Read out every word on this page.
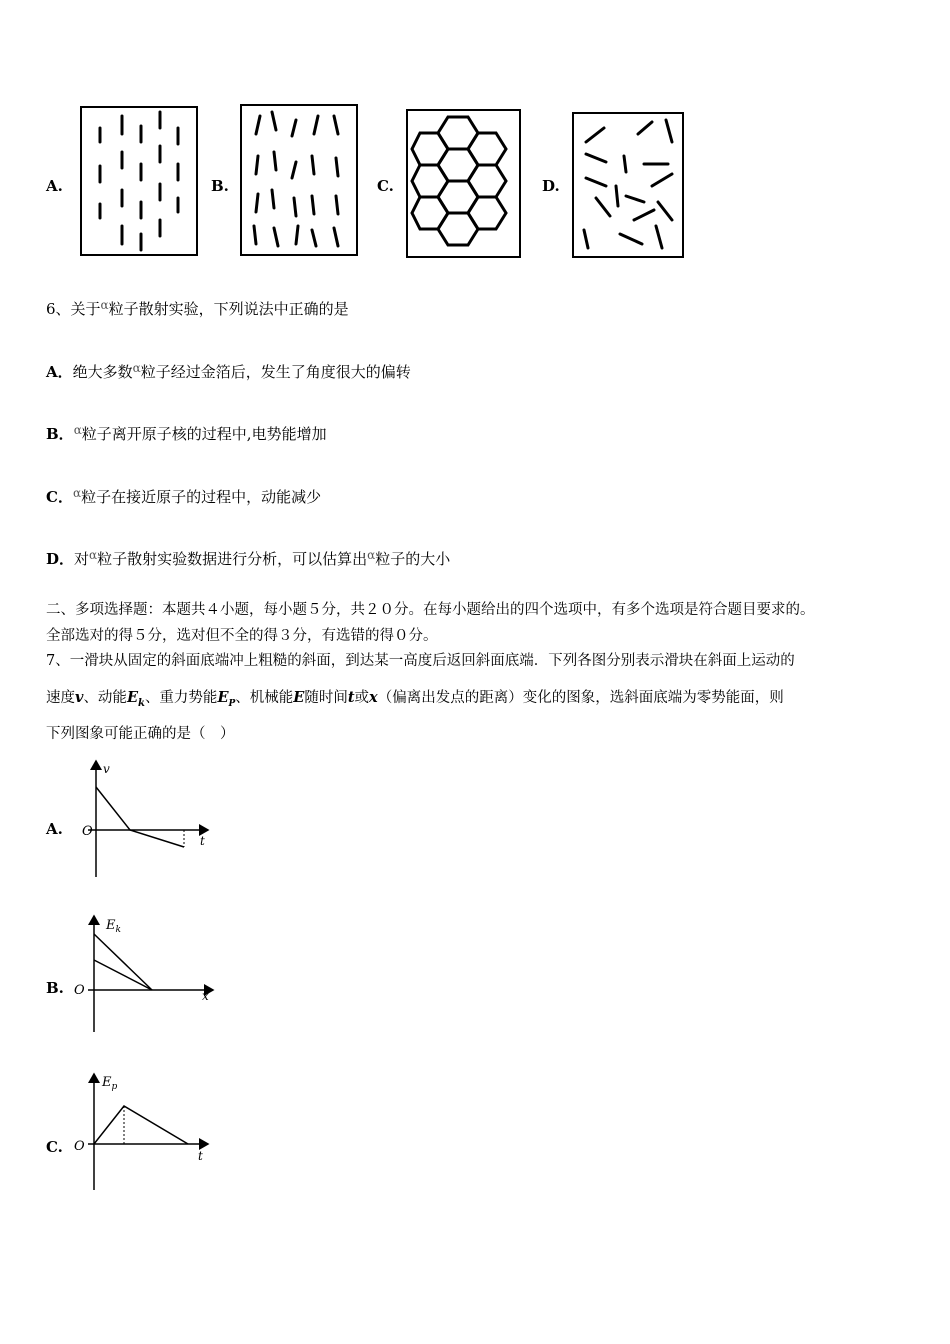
A.	B.	C.	D.
6、关于$^\alpha$粒子散射实验，下列说法中正确的是
A．绝大多数$^\alpha$粒子经过金箔后，发生了角度很大的偏转
B．$^\alpha$粒子离开原子核的过程中,电势能增加
C．$^\alpha$粒子在接近原子的过程中，动能减少
D．对$^\alpha$粒子散射实验数据进行分析，可以估算出$^\alpha$粒子的大小
二、多项选择题：本题共４小题，每小题５分，共２０分。在每小题给出的四个选项中，有多个选项是符合题目要求的。
全部选对的得５分，选对但不全的得３分，有选错的得０分。
7、一滑块从固定的斜面底端冲上粗糙的斜面，到达某一高度后返回斜面底端．下列各图分别表示滑块在斜面上运动的
速度v、动能$E_k$、重力势能$E_P$、机械能E随时间t或x（偏离出发点的距离）变化的图象，选斜面底端为零势能面，则
下列图象可能正确的是（　）
A.
B.
C.
v
O
t
$E_k$
O	x
$E_p$
O
t
